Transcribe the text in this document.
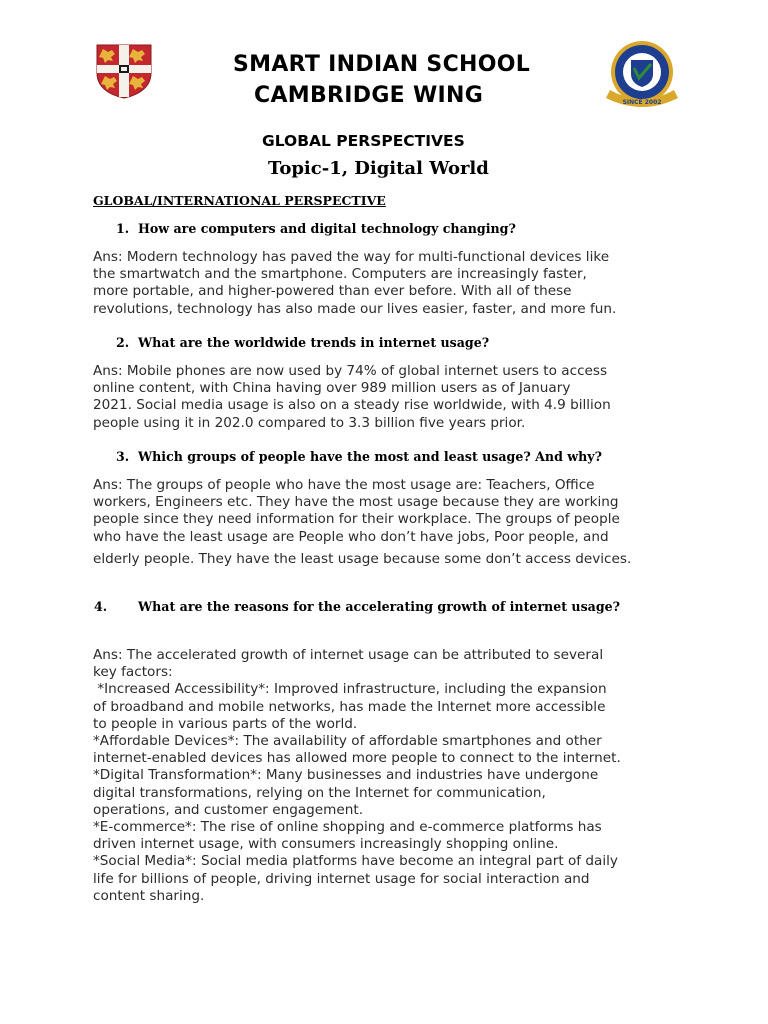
SINCE 2002
SMART INDIAN SCHOOL
CAMBRIDGE WING
GLOBAL PERSPECTIVES
Topic-1, Digital World
GLOBAL/INTERNATIONAL PERSPECTIVE
1. How are computers and digital technology changing?

Ans: Modern technology has paved the way for multi-functional devices like

the smartwatch and the smartphone. Computers are increasingly faster,

more portable, and higher-powered than ever before. With all of these

revolutions, technology has also made our lives easier, faster, and more fun.

2. What are the worldwide trends in internet usage?

Ans: Mobile phones are now used by 74% of global internet users to access

online content, with China having over 989 million users as of January

2021. Social media usage is also on a steady rise worldwide, with 4.9 billion

people using it in 202.0 compared to 3.3 billion five years prior.

3. Which groups of people have the most and least usage? And why?

Ans: The groups of people who have the most usage are: Teachers, Office

workers, Engineers etc. They have the most usage because they are working

people since they need information for their workplace. The groups of people

who have the least usage are People who don’t have jobs, Poor people, and

elderly people. They have the least usage because some don’t access devices.

4. What are the reasons for the accelerating growth of internet usage?

Ans: The accelerated growth of internet usage can be attributed to several

key factors:

*Increased Accessibility*: Improved infrastructure, including the expansion

of broadband and mobile networks, has made the Internet more accessible

to people in various parts of the world.

*Affordable Devices*: The availability of affordable smartphones and other

internet-enabled devices has allowed more people to connect to the internet.

*Digital Transformation*: Many businesses and industries have undergone

digital transformations, relying on the Internet for communication,

operations, and customer engagement.

*E-commerce*: The rise of online shopping and e-commerce platforms has

driven internet usage, with consumers increasingly shopping online.

*Social Media*: Social media platforms have become an integral part of daily

life for billions of people, driving internet usage for social interaction and

content sharing.
